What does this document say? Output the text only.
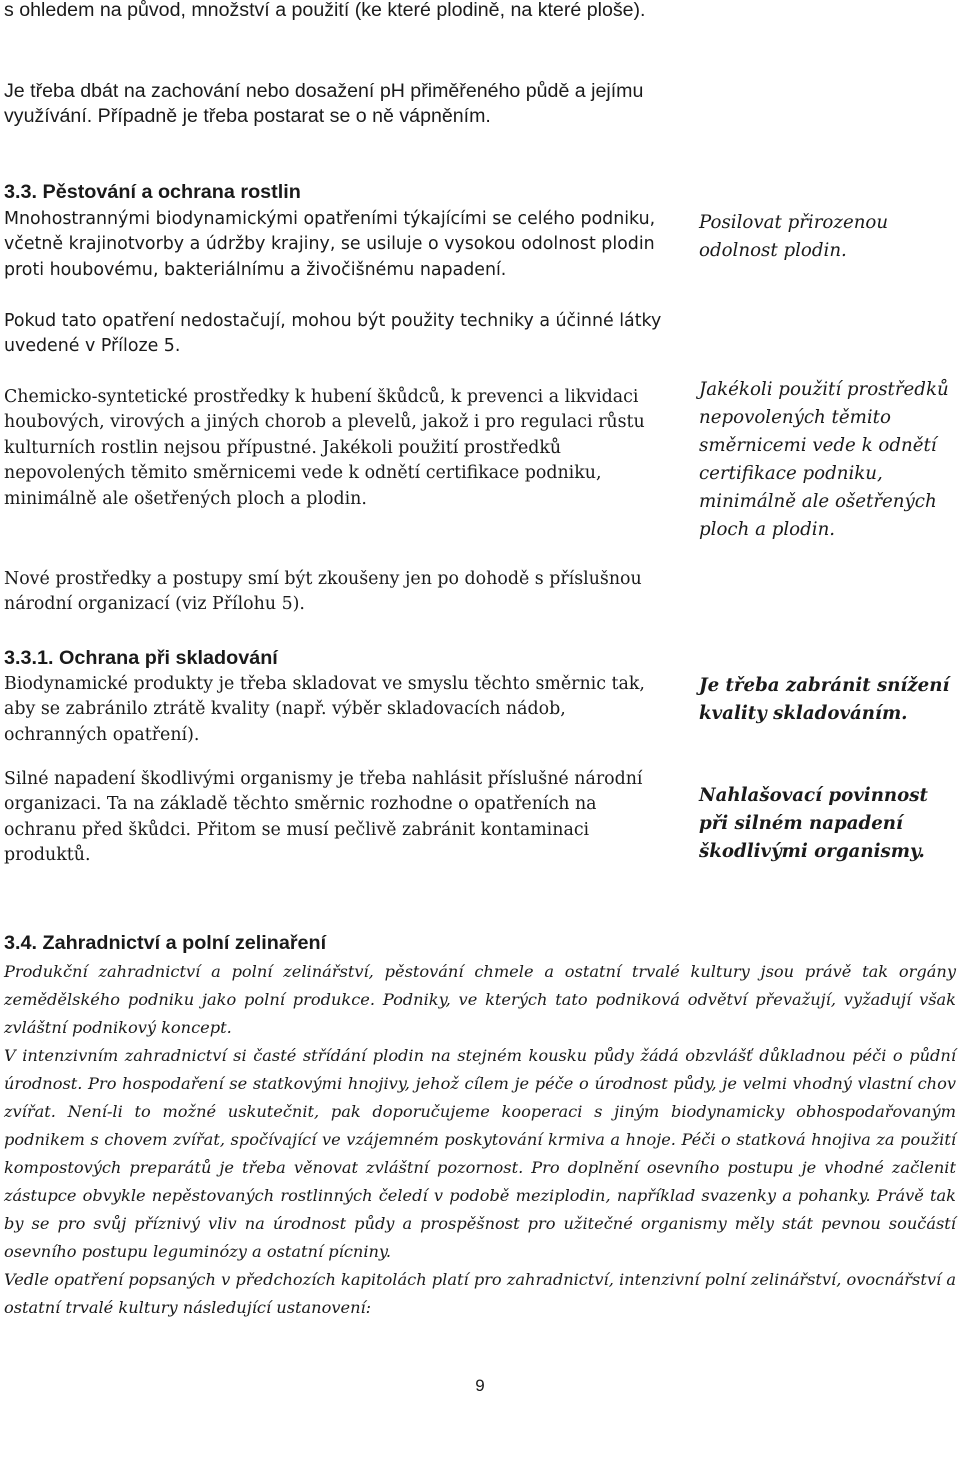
s ohledem na původ, množství a použití (ke které plodině, na které ploše).

Je třeba dbát na zachování nebo dosažení pH přiměřeného půdě a jejímu využívání. Případně je třeba postarat se o ně vápněním.

3.3. Pěstování a ochrana rostlin

Mnohostrannými biodynamickými opatřeními týkajícími se celého podniku, včetně krajinotvorby a údržby krajiny, se usiluje o vysokou odolnost plodin proti houbovému, bakteriálnímu a živočišnému napadení.

Pokud tato opatření nedostačují, mohou být použity techniky a účinné látky uvedené v Příloze 5.

Chemicko-syntetické prostředky k hubení škůdců, k prevenci a likvidaci houbových, virových a jiných chorob a plevelů, jakož i pro regulaci růstu kulturních rostlin nejsou přípustné. Jakékoli použití prostředků nepovolených těmito směrnicemi vede k odnětí certifikace podniku, minimálně ale ošetřených ploch a plodin.

Nové prostředky a postupy smí být zkoušeny jen po dohodě s příslušnou národní organizací (viz Přílohu 5).

Posilovat přirozenou odolnost plodin.

Jakékoli použití prostředků nepovolených těmito směrnicemi vede k odnětí certifikace podniku, minimálně ale ošetřených ploch a plodin.

3.3.1. Ochrana při skladování

Biodynamické produkty je třeba skladovat ve smyslu těchto směrnic tak, aby se zabránilo ztrátě kvality (např. výběr skladovacích nádob, ochranných opatření).

Silné napadení škodlivými organismy je třeba nahlásit příslušné národní organizaci. Ta na základě těchto směrnic rozhodne o opatřeních na ochranu před škůdci. Přitom se musí pečlivě zabránit kontaminaci produktů.

Je třeba zabránit snížení kvality skladováním.

Nahlašovací povinnost při silném napadení škodlivými organismy.

3.4. Zahradnictví a polní zelinaření
Produkční zahradnictví a polní zelinářství, pěstování chmele a ostatní trvalé kultury jsou právě tak orgány zemědělského podniku jako polní produkce. Podniky, ve kterých tato podniková odvětví převažují, vyžadují však zvláštní podnikový koncept.
V intenzivním zahradnictví si časté střídání plodin na stejném kousku půdy žádá obzvlášť důkladnou péči o půdní úrodnost. Pro hospodaření se statkovými hnojivy, jehož cílem je péče o úrodnost půdy, je velmi vhodný vlastní chov zvířat. Není-li to možné uskutečnit, pak doporučujeme kooperaci s jiným biodynamicky obhospodařovaným podnikem s chovem zvířat, spočívající ve vzájemném poskytování krmiva a hnoje. Péči o statková hnojiva za použití kompostových preparátů je třeba věnovat zvláštní pozornost. Pro doplnění osevního postupu je vhodné začlenit zástupce obvykle nepěstovaných rostlinných čeledí v podobě meziplodin, například svazenky a pohanky. Právě tak by se pro svůj příznivý vliv na úrodnost půdy a prospěšnost pro užitečné organismy měly stát pevnou součástí osevního postupu leguminózy a ostatní pícniny.
Vedle opatření popsaných v předchozích kapitolách platí pro zahradnictví, intenzivní polní zelinářství, ovocnářství a ostatní trvalé kultury následující ustanovení:
9
